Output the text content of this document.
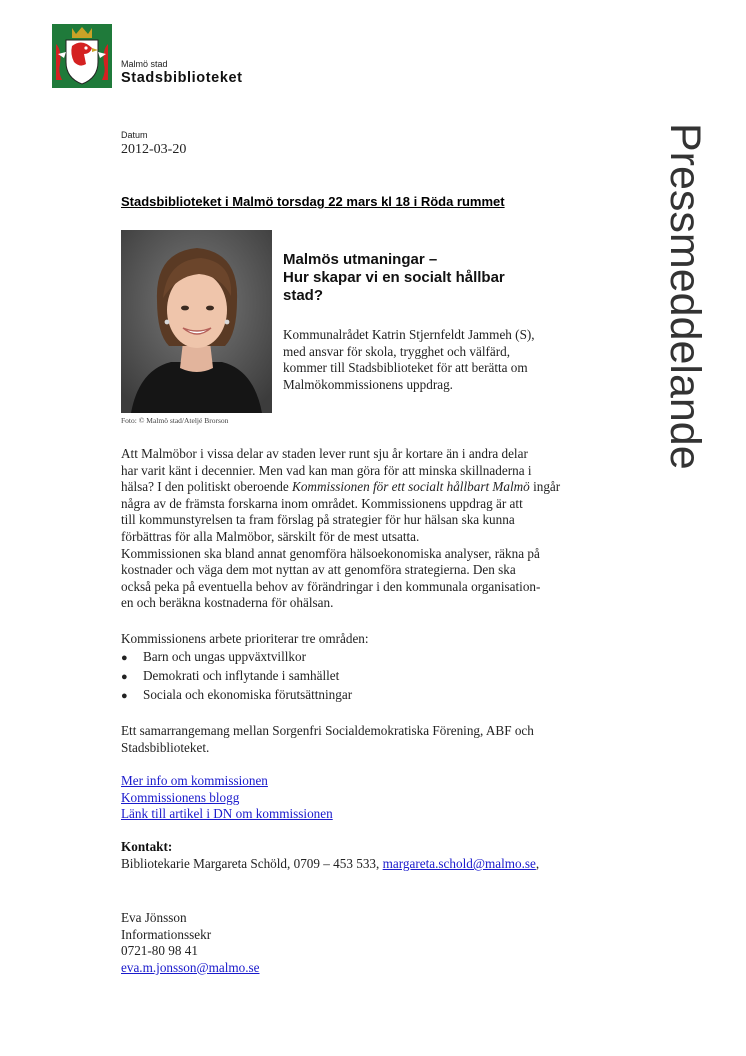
Malmö stad
Stadsbiblioteket
Datum
2012-03-20
Stadsbiblioteket i Malmö torsdag 22 mars kl 18 i Röda rummet	Pressmeddelande
Foto: © Malmö stad/Ateljé Brorson
Malmös utmaningar –
Hur skapar vi en socialt hållbar
stad?
Kommunalrådet Katrin Stjernfeldt Jammeh (S),
med ansvar för skola, trygghet och välfärd,
kommer till Stadsbiblioteket för att berätta om
Malmökommissionens uppdrag.
Att Malmöbor i vissa delar av staden lever runt sju år kortare än i andra delar
har varit känt i decennier. Men vad kan man göra för att minska skillnaderna i
hälsa? I den politiskt oberoende Kommissionen för ett socialt hållbart Malmö ingår
några av de främsta forskarna inom området. Kommissionens uppdrag är att
till kommunstyrelsen ta fram förslag på strategier för hur hälsan ska kunna
förbättras för alla Malmöbor, särskilt för de mest utsatta.
Kommissionen ska bland annat genomföra hälsoekonomiska analyser, räkna på
kostnader och väga dem mot nyttan av att genomföra strategierna. Den ska
också peka på eventuella behov av förändringar i den kommunala organisation-
en och beräkna kostnaderna för ohälsan.
Kommissionens arbete prioriterar tre områden:
● Barn och ungas uppväxtvillkor
● Demokrati och inflytande i samhället
● Sociala och ekonomiska förutsättningar
Ett samarrangemang mellan Sorgenfri Socialdemokratiska Förening, ABF och
Stadsbiblioteket.
Mer info om kommissionen
Kommissionens blogg
Länk till artikel i DN om kommissionen
Kontakt:
Bibliotekarie Margareta Schöld, 0709 – 453 533, margareta.schold@malmo.se,
Eva Jönsson
Informationssekr
0721-80 98 41
eva.m.jonsson@malmo.se
